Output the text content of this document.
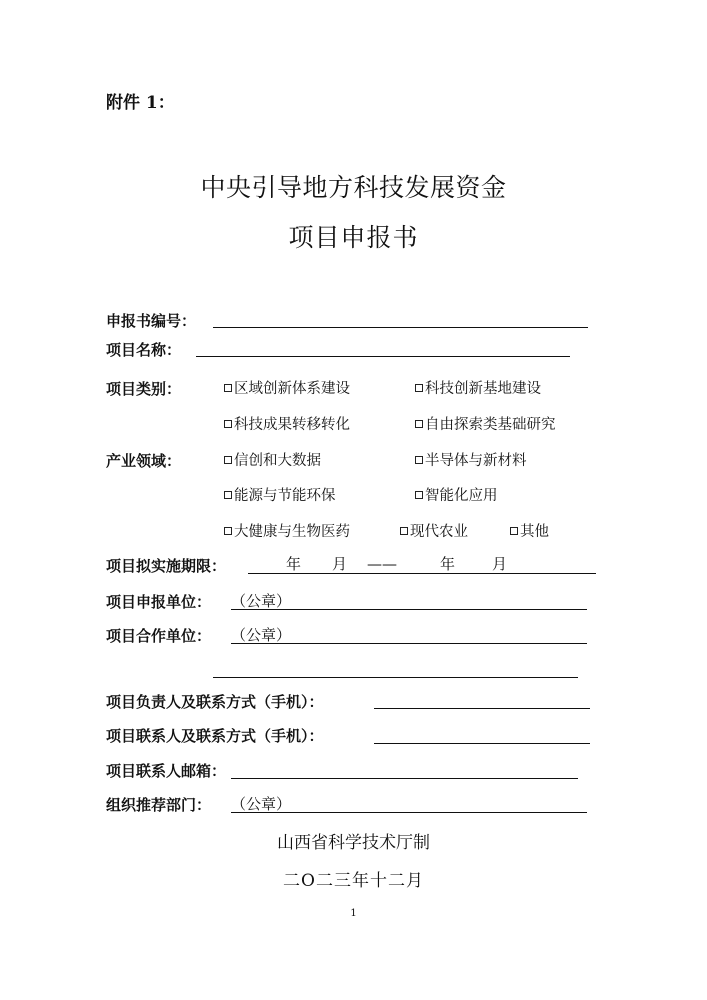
附件 1：
中央引导地方科技发展资金
项目申报书
申报书编号：
项目名称：
项目类别：	区域创新体系建设	科技创新基地建设
科技成果转移转化	自由探索类基础研究
产业领域：	信创和大数据	半导体与新材料
能源与节能环保	智能化应用
大健康与生物医药	现代农业	其他
项目拟实施期限：	年 月 ——	年 月
项目申报单位： （公章）
项目合作单位： （公章）
项目负责人及联系方式（手机）：
项目联系人及联系方式（手机）：
项目联系人邮箱：
组织推荐部门： （公章）
山西省科学技术厅制
二O二三年十二月
1
